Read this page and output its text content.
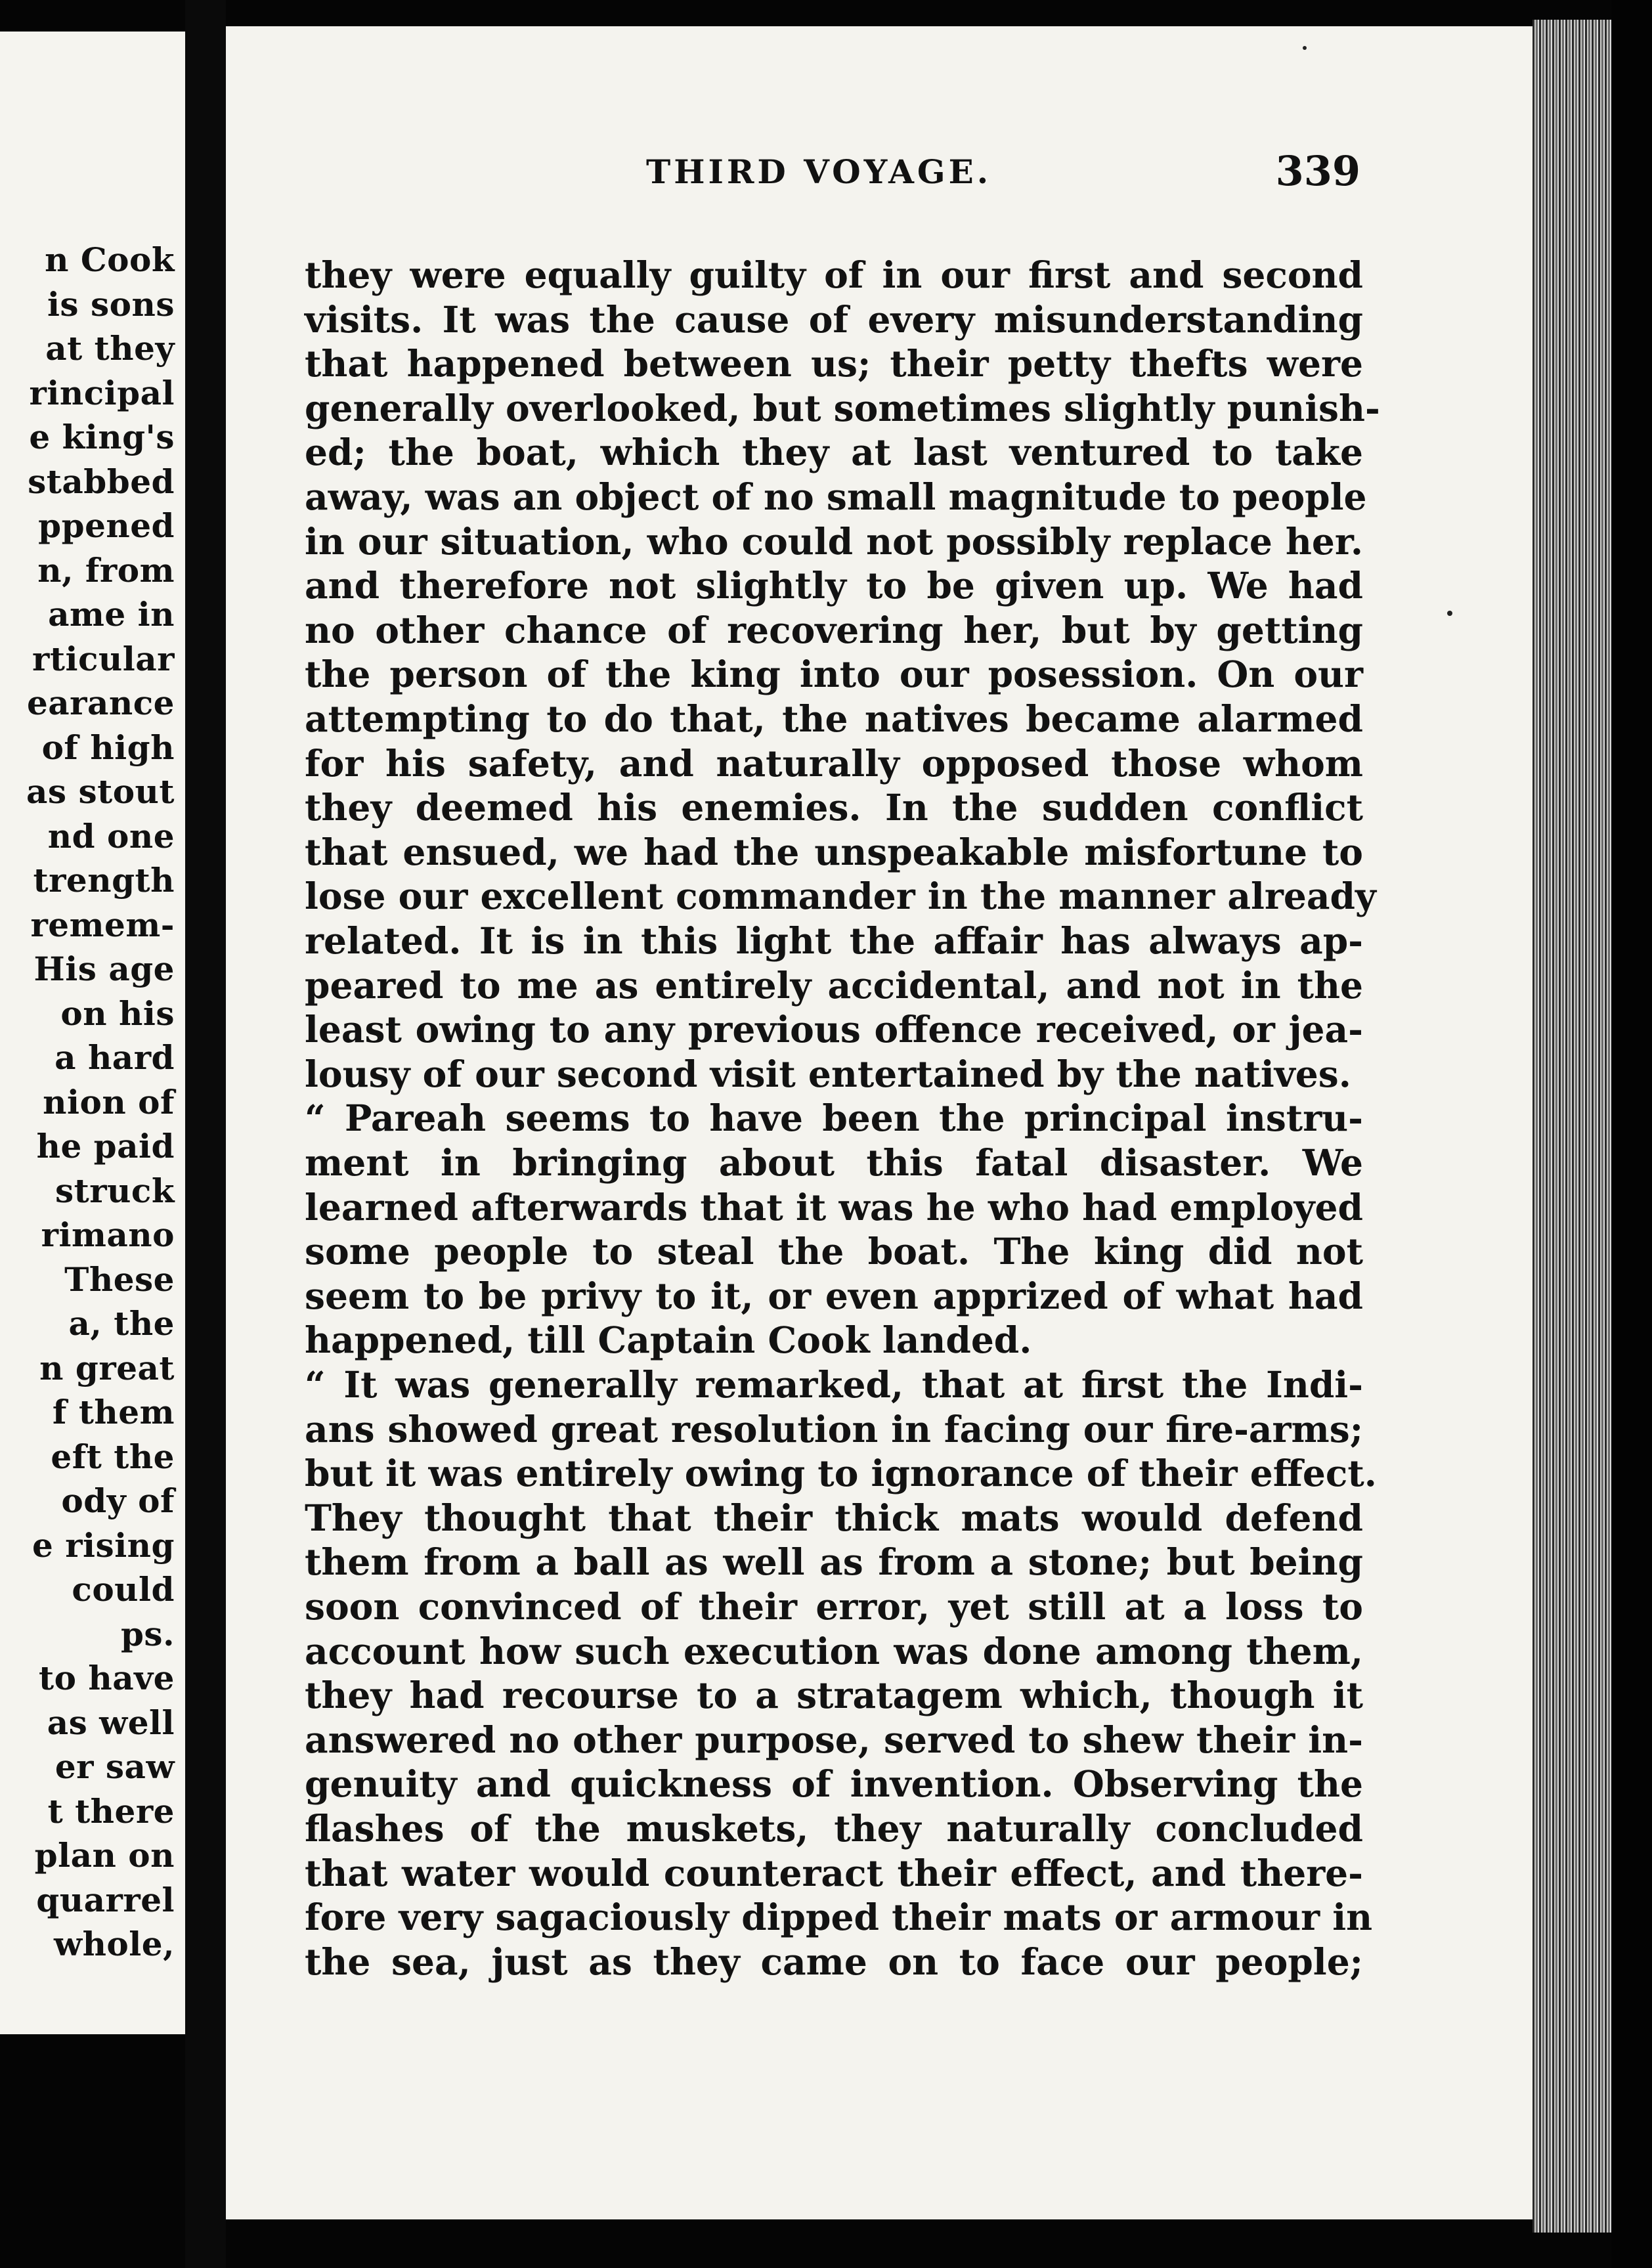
n Cook
is sons
at they
rincipal
e king's
stabbed
ppened
n, from
ame in
rticular
earance
of high
as stout
nd one
trength
remem-
His age
on his
a hard
nion of
he paid
struck
rimano
These
a, the
n great
f them
eft the
ody of
e rising
could
ps.
to have
as well
er saw
t there
plan on
quarrel
whole,
THIRD VOYAGE.	339
they were equally guilty of in our first and second
visits. It was the cause of every misunderstanding
that happened between us; their petty thefts were
generally overlooked, but sometimes slightly punish-
ed; the boat, which they at last ventured to take
away, was an object of no small magnitude to people
in our situation, who could not possibly replace her.
and therefore not slightly to be given up. We had
no other chance of recovering her, but by getting
the person of the king into our posession. On our
attempting to do that, the natives became alarmed
for his safety, and naturally opposed those whom
they deemed his enemies. In the sudden conflict
that ensued, we had the unspeakable misfortune to
lose our excellent commander in the manner already
related. It is in this light the affair has always ap-
peared to me as entirely accidental, and not in the
least owing to any previous offence received, or jea-
lousy of our second visit entertained by the natives.
“ Pareah seems to have been the principal instru-
ment in bringing about this fatal disaster. We
learned afterwards that it was he who had employed
some people to steal the boat. The king did not
seem to be privy to it, or even apprized of what had
happened, till Captain Cook landed.
“ It was generally remarked, that at first the Indi-
ans showed great resolution in facing our fire-arms;
but it was entirely owing to ignorance of their effect.
They thought that their thick mats would defend
them from a ball as well as from a stone; but being
soon convinced of their error, yet still at a loss to
account how such execution was done among them,
they had recourse to a stratagem which, though it
answered no other purpose, served to shew their in-
genuity and quickness of invention. Observing the
flashes of the muskets, they naturally concluded
that water would counteract their effect, and there-
fore very sagaciously dipped their mats or armour in
the sea, just as they came on to face our people;
